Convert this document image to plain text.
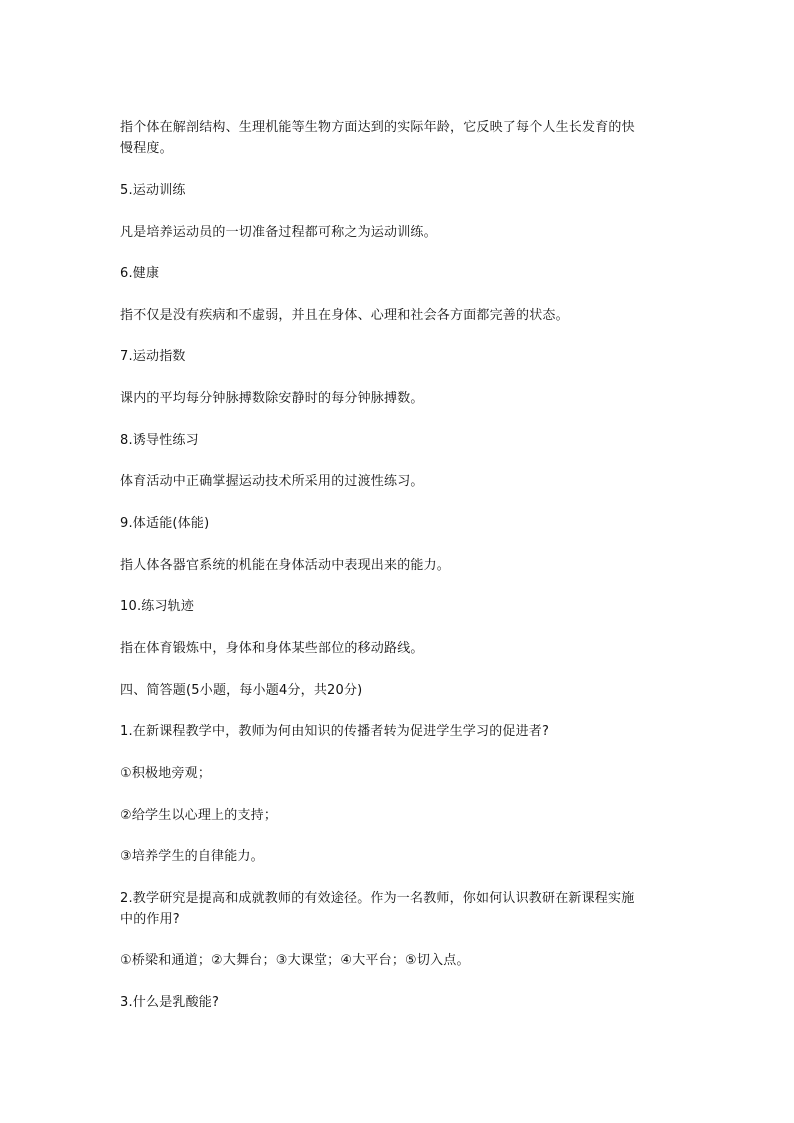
指个体在解剖结构、生理机能等生物方面达到的实际年龄，它反映了每个人生长发育的快
慢程度。
5.运动训练
凡是培养运动员的一切准备过程都可称之为运动训练。
6.健康
指不仅是没有疾病和不虚弱，并且在身体、心理和社会各方面都完善的状态。
7.运动指数
课内的平均每分钟脉搏数除安静时的每分钟脉搏数。
8.诱导性练习
体育活动中正确掌握运动技术所采用的过渡性练习。
9.体适能(体能)
指人体各器官系统的机能在身体活动中表现出来的能力。
10.练习轨迹
指在体育锻炼中，身体和身体某些部位的移动路线。
四、简答题(5小题，每小题4分，共20分)
1.在新课程教学中，教师为何由知识的传播者转为促进学生学习的促进者?
①积极地旁观；
②给学生以心理上的支持；
③培养学生的自律能力。
2.教学研究是提高和成就教师的有效途径。作为一名教师，你如何认识教研在新课程实施
中的作用?
①桥梁和通道；②大舞台；③大课堂；④大平台；⑤切入点。
3.什么是乳酸能?
